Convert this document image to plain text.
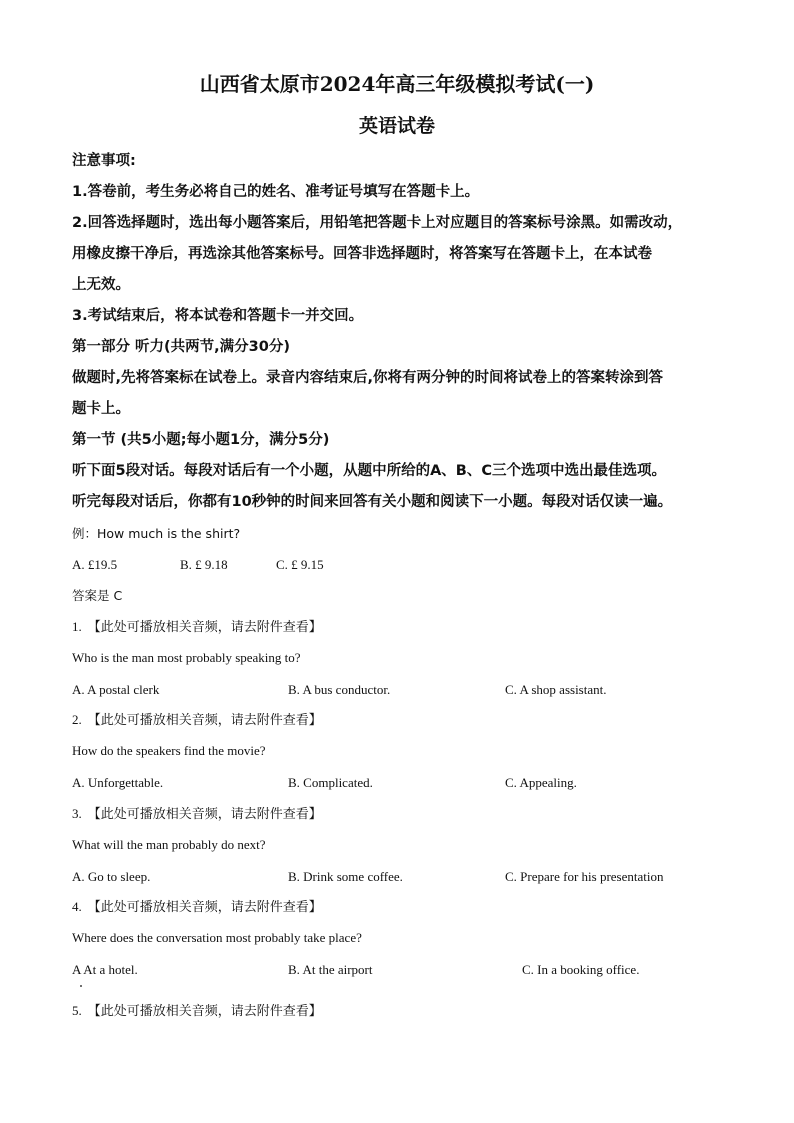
山西省太原市2024年高三年级模拟考试(一)
英语试卷
注意事项:
1.答卷前，考生务必将自己的姓名、准考证号填写在答题卡上。
2.回答选择题时，选出每小题答案后，用铅笔把答题卡上对应题目的答案标号涂黑。如需改动，
用橡皮擦干净后，再选涂其他答案标号。回答非选择题时，将答案写在答题卡上，在本试卷
上无效。
3.考试结束后，将本试卷和答题卡一并交回。
第一部分 听力(共两节,满分30分)
做题时,先将答案标在试卷上。录音内容结束后,你将有两分钟的时间将试卷上的答案转涂到答
题卡上。
第一节 (共5小题;每小题1分，满分5分)
听下面5段对话。每段对话后有一个小题，从题中所给的A、B、C三个选项中选出最佳选项。
听完每段对话后，你都有10秒钟的时间来回答有关小题和阅读下一小题。每段对话仅读一遍。
例：How much is the shirt?
A. £19.5	B. £ 9.18	C. £ 9.15
答案是 C
1. 【此处可播放相关音频，请去附件查看】
Who is the man most probably speaking to?
A. A postal clerk	B. A bus conductor.	C. A shop assistant.
2. 【此处可播放相关音频，请去附件查看】
How do the speakers find the movie?
A. Unforgettable.	B. Complicated.	C. Appealing.
3. 【此处可播放相关音频，请去附件查看】
What will the man probably do next?
A. Go to sleep.	B. Drink some coffee.	C. Prepare for his presentation
4. 【此处可播放相关音频，请去附件查看】
Where does the conversation most probably take place?
A At a hotel.	B. At the airport	C. In a booking office.
5. 【此处可播放相关音频，请去附件查看】
